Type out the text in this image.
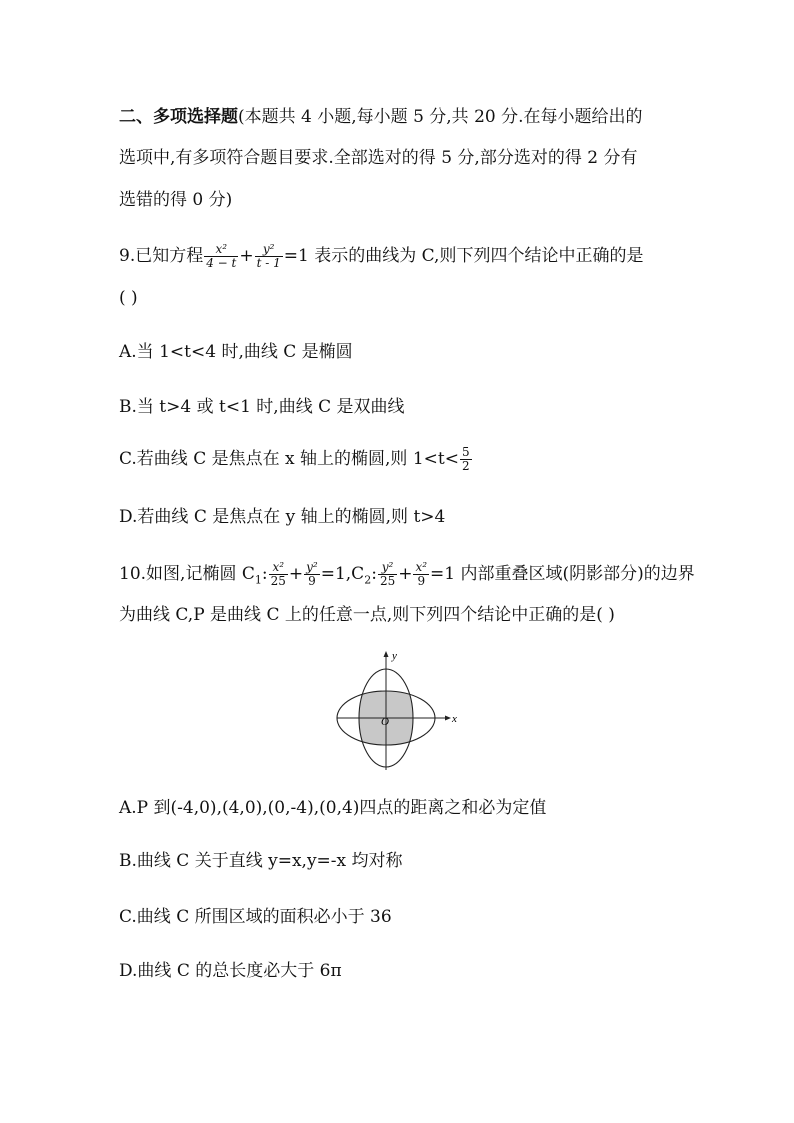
二、多项选择题(本题共 4 小题,每小题 5 分,共 20 分.在每小题给出的
选项中,有多项符合题目要求.全部选对的得 5 分,部分选对的得 2 分有
选错的得 0 分)
9.已知方程 $\frac{\text{x²}}{4 - t} + \frac{\text{y²}}{t - 1} =1$ 表示的曲线为 C,则下列四个结论中正确的是
( )
A.当 1<t<4 时,曲线 C 是椭圆
B.当 t>4 或 t<1 时,曲线 C 是双曲线
C.若曲线 C 是焦点在 x 轴上的椭圆,则 $1<t< \frac{5}{2}$
D.若曲线 C 是焦点在 y 轴上的椭圆,则 t>4
10.如图,记椭圆 $C_1$: $\frac{\text{x²}}{25} + \frac{\text{y²}}{9} =1,C_2$: $\frac{\text{y²}}{25} + \frac{\text{x²}}{9} =1$ 内部重叠区域(阴影部分)的边界
为曲线 C,P 是曲线 C 上的任意一点,则下列四个结论中正确的是( )
x
y
O
A.P 到(-4,0),(4,0),(0,-4),(0,4)四点的距离之和必为定值
B.曲线 C 关于直线 y=x,y=-x 均对称
C.曲线 C 所围区域的面积必小于 36
D.曲线 C 的总长度必大于 6π
